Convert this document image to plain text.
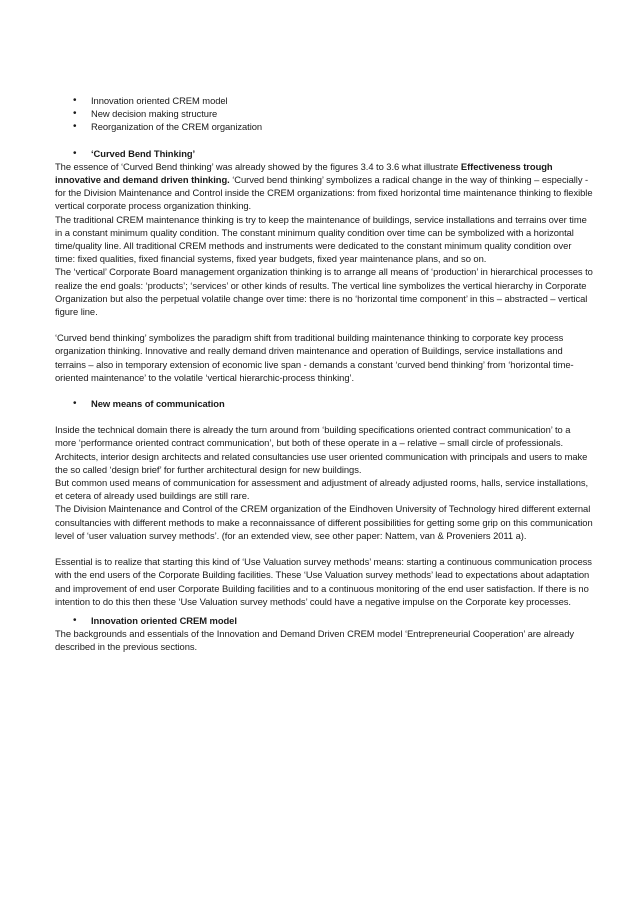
• Innovation oriented CREM model
• New decision making structure
• Reorganization of the CREM organization
• ‘Curved Bend Thinking’

The essence of ‘Curved Bend thinking’ was already showed by the figures 3.4 to 3.6 what illustrate Effectiveness trough innovative and demand driven thinking. ‘Curved bend thinking’ symbolizes a radical change in the way of thinking – especially - for the Division Maintenance and Control inside the CREM organizations: from fixed horizontal time maintenance thinking to flexible vertical corporate process organization thinking.

The traditional CREM maintenance thinking is try to keep the maintenance of buildings, service installations and terrains over time in a constant minimum quality condition. The constant minimum quality condition over time can be symbolized with a horizontal time/quality line. All traditional CREM methods and instruments were dedicated to the constant minimum quality condition over time: fixed qualities, fixed financial systems, fixed year budgets, fixed year maintenance plans, and so on.

The ‘vertical’ Corporate Board management organization thinking is to arrange all means of ‘production’ in hierarchical processes to realize the end goals: ‘products’; ‘services’ or other kinds of results. The vertical line symbolizes the vertical hierarchy in Corporate Organization but also the perpetual volatile change over time: there is no ‘horizontal time component’ in this – abstracted – vertical figure line.

‘Curved bend thinking’ symbolizes the paradigm shift from traditional building maintenance thinking to corporate key process organization thinking. Innovative and really demand driven maintenance and operation of Buildings, service installations and terrains – also in temporary extension of economic live span - demands a constant ‘curved bend thinking’ from ‘horizontal time-oriented maintenance’ to the volatile ‘vertical hierarchic-process thinking’.

• New means of communication

Inside the technical domain there is already the turn around from ‘building specifications oriented contract communication’ to a more ‘performance oriented contract communication’, but both of these operate in a – relative – small circle of professionals.

Architects, interior design architects and related consultancies use user oriented communication with principals and users to make the so called ‘design brief’ for further architectural design for new buildings.

But common used means of communication for assessment and adjustment of already adjusted rooms, halls, service installations, et cetera of already used buildings are still rare.

The Division Maintenance and Control of the CREM organization of the Eindhoven University of Technology hired different external consultancies with different methods to make a reconnaissance of different possibilities for getting some grip on this communication level of ‘user valuation survey methods’. (for an extended view, see other paper: Nattem, van & Proveniers 2011 a).

Essential is to realize that starting this kind of ‘Use Valuation survey methods’ means: starting a continuous communication process with the end users of the Corporate Building facilities. These ‘Use Valuation survey methods’ lead to expectations about adaptation and improvement of end user Corporate Building facilities and to a continuous monitoring of the end user satisfaction. If there is no intention to do this then these ‘Use Valuation survey methods’ could have a negative impulse on the Corporate key processes.

• Innovation oriented CREM model

The backgrounds and essentials of the Innovation and Demand Driven CREM model ‘Entrepreneurial Cooperation’ are already described in the previous sections.
